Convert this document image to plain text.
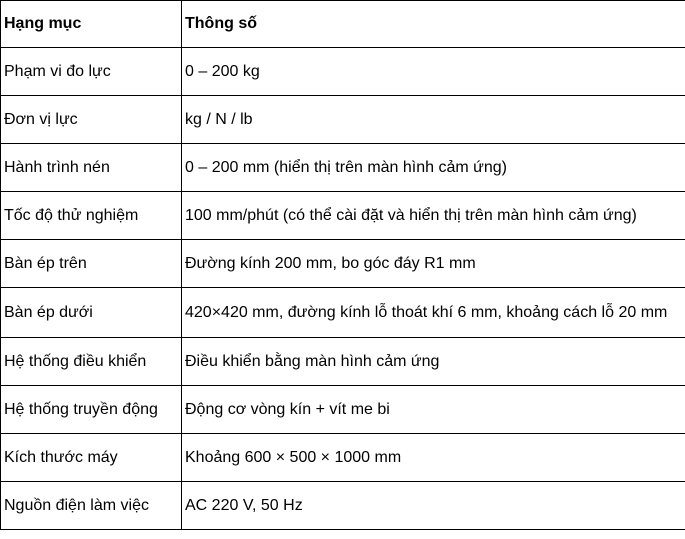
Hạng mục	Thông số
Phạm vi đo lực	0 – 200 kg
Đơn vị lực	kg / N / lb
Hành trình nén	0 – 200 mm (hiển thị trên màn hình cảm ứng)
Tốc độ thử nghiệm	100 mm/phút (có thể cài đặt và hiển thị trên màn hình cảm ứng)
Bàn ép trên	Đường kính 200 mm, bo góc đáy R1 mm
Bàn ép dưới	420×420 mm, đường kính lỗ thoát khí 6 mm, khoảng cách lỗ 20 mm
Hệ thống điều khiển	Điều khiển bằng màn hình cảm ứng
Hệ thống truyền động	Động cơ vòng kín + vít me bi
Kích thước máy	Khoảng 600 × 500 × 1000 mm
Nguồn điện làm việc	AC 220 V, 50 Hz
